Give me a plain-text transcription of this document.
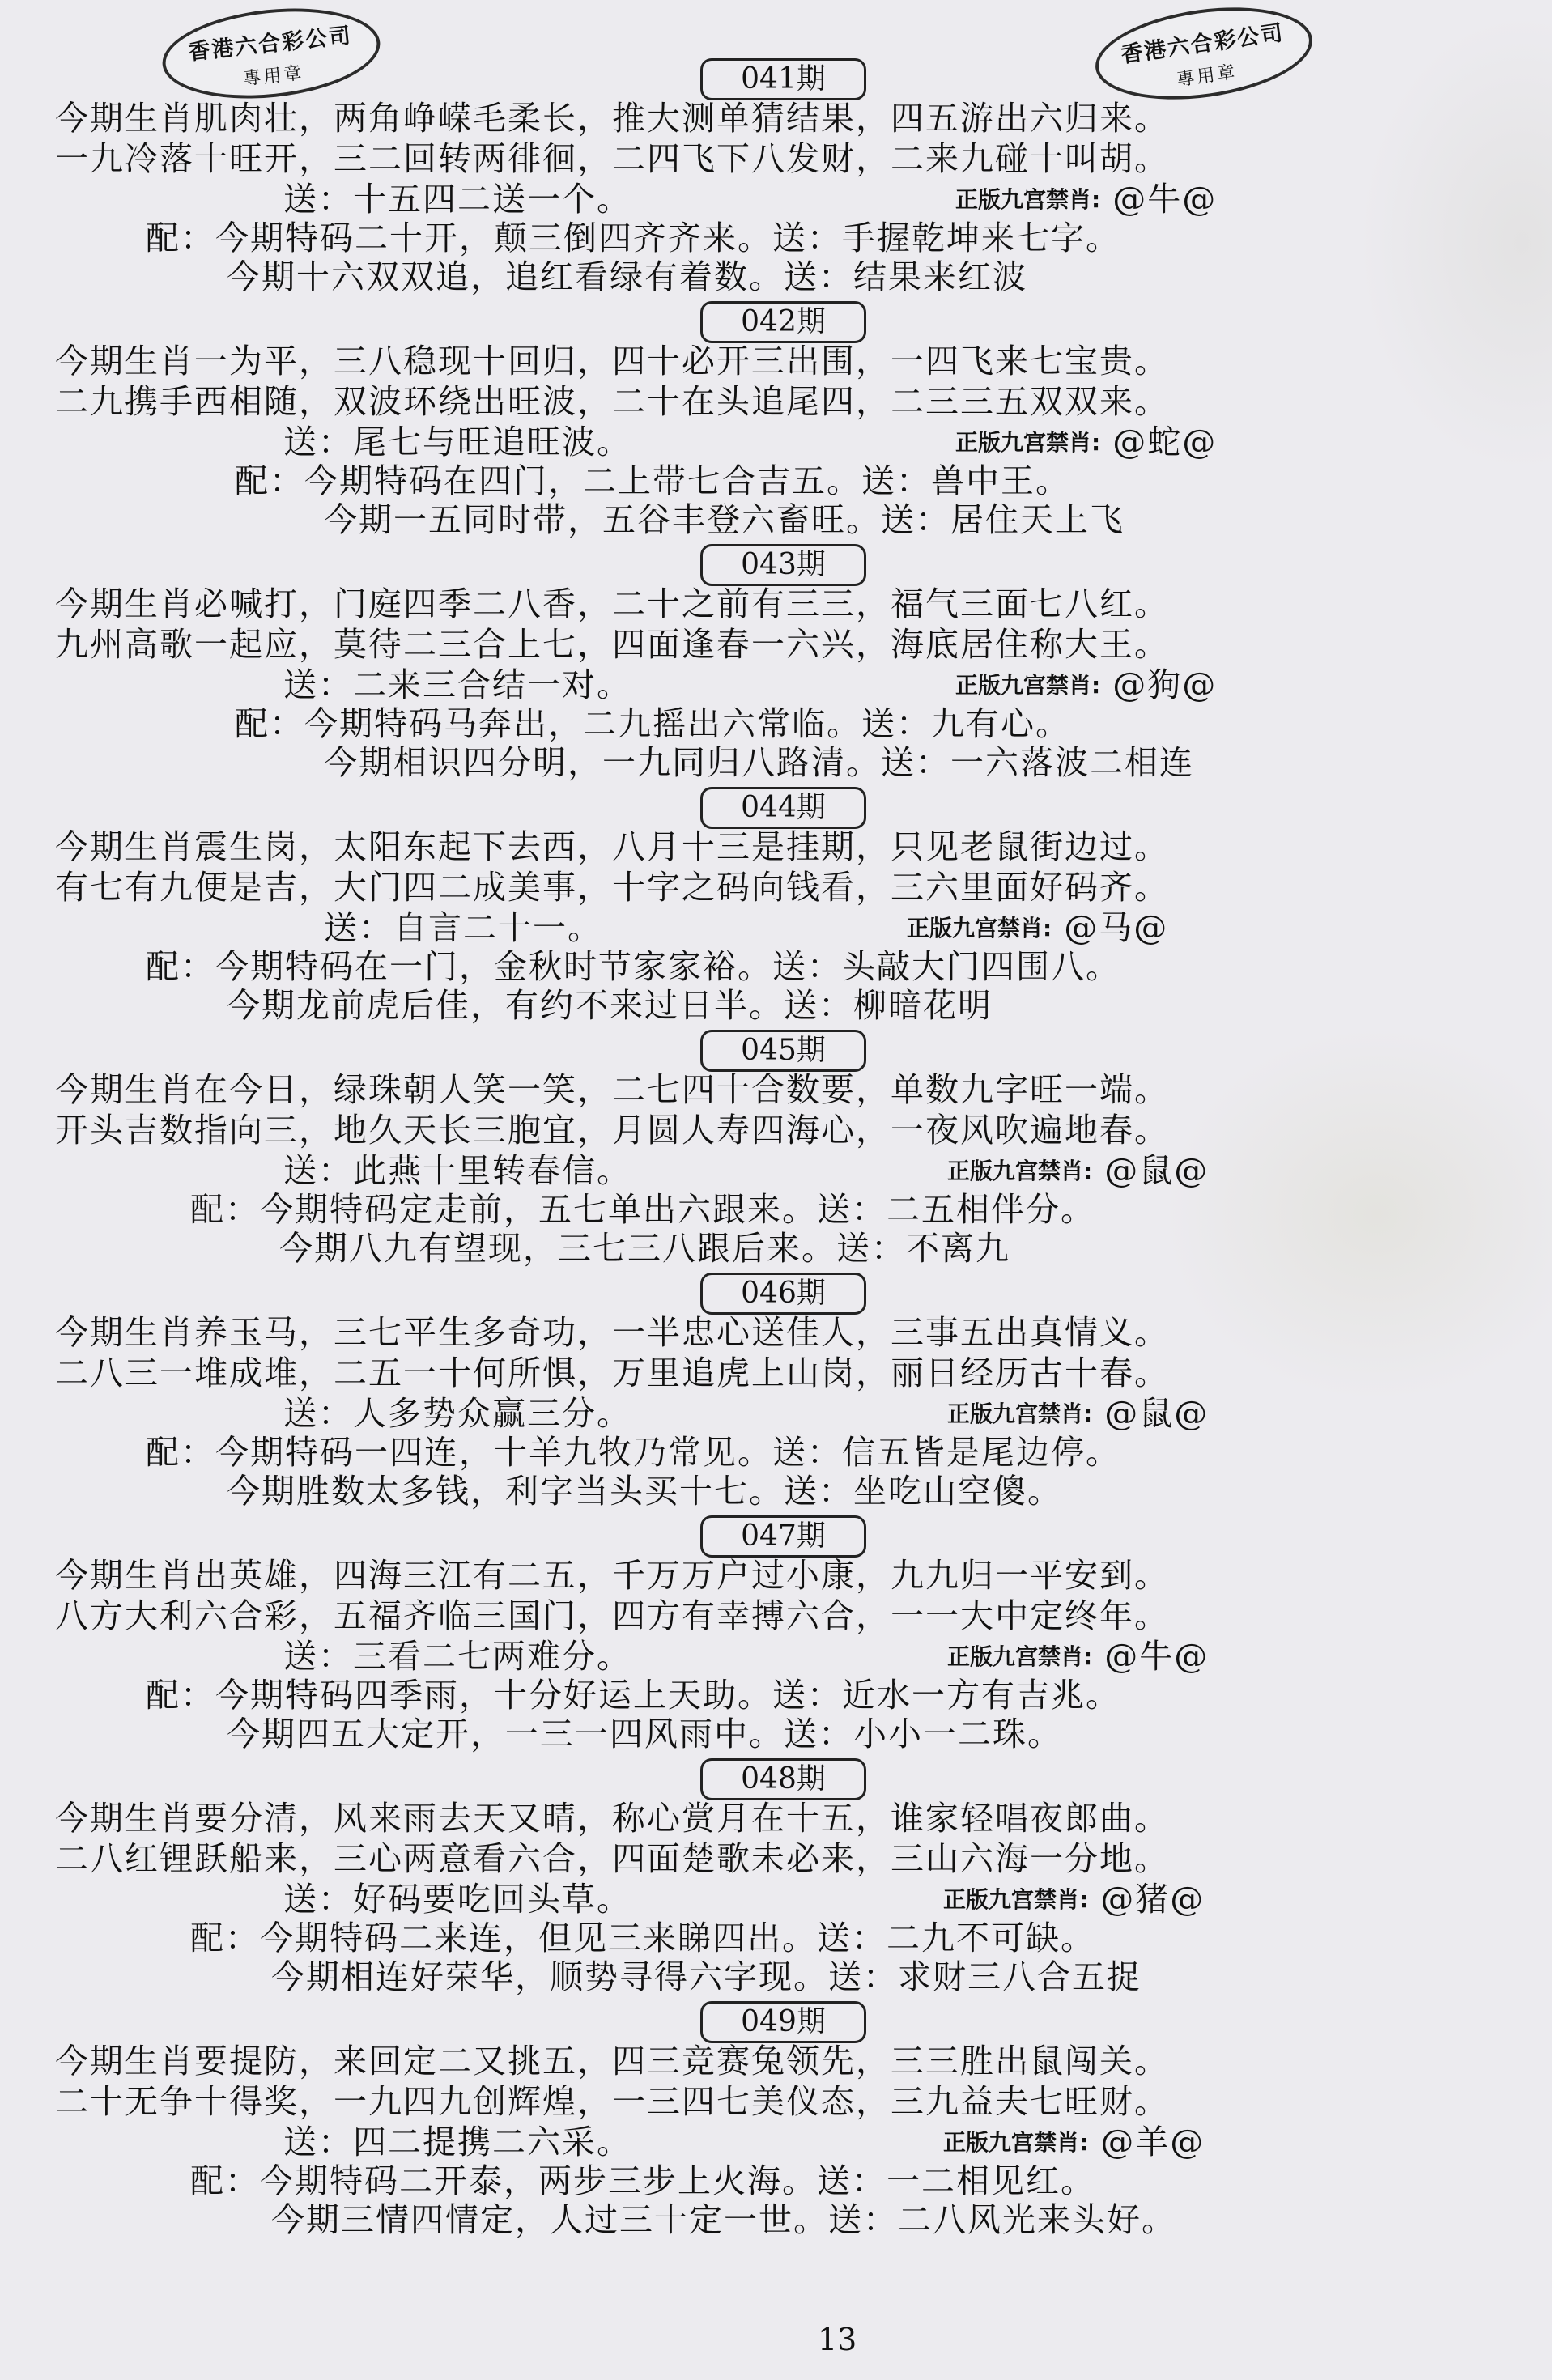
香港六合彩公司
專用章
香港六合彩公司
專用章
041期
今期生肖肌肉壮，两角峥嵘毛柔长，推大测单猜结果，四五游出六归来。
一九冷落十旺开，三二回转两徘徊，二四飞下八发财，二来九碰十叫胡。
送：十五四二送一个。	正版九宫禁肖: @牛@
配：今期特码二十开，颠三倒四齐齐来。送：手握乾坤来七字。
今期十六双双追，追红看绿有着数。送：结果来红波
042期
今期生肖一为平，三八稳现十回归，四十必开三出围，一四飞来七宝贵。
二九携手西相随，双波环绕出旺波，二十在头追尾四，二三三五双双来。
送：尾七与旺追旺波。	正版九宫禁肖: @蛇@
配：今期特码在四门，二上带七合吉五。送：兽中王。
今期一五同时带，五谷丰登六畜旺。送：居住天上飞
043期
今期生肖必喊打，门庭四季二八香，二十之前有三三，福气三面七八红。
九州高歌一起应，莫待二三合上七，四面逢春一六兴，海底居住称大王。
送：二来三合结一对。	正版九宫禁肖: @狗@
配：今期特码马奔出，二九摇出六常临。送：九有心。
今期相识四分明，一九同归八路清。送：一六落波二相连
044期
今期生肖震生岗，太阳东起下去西，八月十三是挂期，只见老鼠街边过。
有七有九便是吉，大门四二成美事，十字之码向钱看，三六里面好码齐。
送：自言二十一。	正版九宫禁肖: @马@
配：今期特码在一门，金秋时节家家裕。送：头敲大门四围八。
今期龙前虎后佳，有约不来过日半。送：柳暗花明
045期
今期生肖在今日，绿珠朝人笑一笑，二七四十合数要，单数九字旺一端。
开头吉数指向三，地久天长三胞宜，月圆人寿四海心，一夜风吹遍地春。
送：此燕十里转春信。	正版九宫禁肖: @鼠@
配：今期特码定走前，五七单出六跟来。送：二五相伴分。
今期八九有望现，三七三八跟后来。送：不离九
046期
今期生肖养玉马，三七平生多奇功，一半忠心送佳人，三事五出真情义。
二八三一堆成堆，二五一十何所惧，万里追虎上山岗，丽日经历古十春。
送：人多势众赢三分。	正版九宫禁肖: @鼠@
配：今期特码一四连，十羊九牧乃常见。送：信五皆是尾边停。
今期胜数太多钱，利字当头买十七。送：坐吃山空傻。
047期
今期生肖出英雄，四海三江有二五，千万万户过小康，九九归一平安到。
八方大利六合彩，五福齐临三国门，四方有幸搏六合，一一大中定终年。
送：三看二七两难分。	正版九宫禁肖: @牛@
配：今期特码四季雨，十分好运上天助。送：近水一方有吉兆。
今期四五大定开，一三一四风雨中。送：小小一二珠。
048期
今期生肖要分清，风来雨去天又晴，称心赏月在十五，谁家轻唱夜郎曲。
二八红锂跃船来，三心两意看六合，四面楚歌未必来，三山六海一分地。
送：好码要吃回头草。	正版九宫禁肖: @猪@
配：今期特码二来连，但见三来睇四出。送：二九不可缺。
今期相连好荣华，顺势寻得六字现。送：求财三八合五捉
049期
今期生肖要提防，来回定二又挑五，四三竞赛兔领先，三三胜出鼠闯关。
二十无争十得奖，一九四九创辉煌，一三四七美仪态，三九益夫七旺财。
送：四二提携二六采。	正版九宫禁肖: @羊@
配：今期特码二开泰，两步三步上火海。送：一二相见红。
今期三情四情定，人过三十定一世。送：二八风光来头好。
13
